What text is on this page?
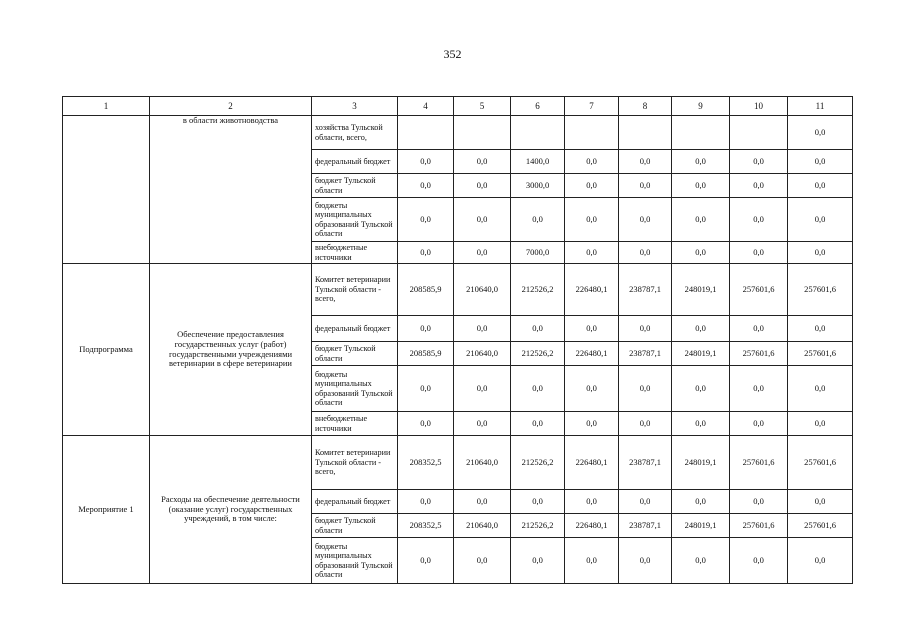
352
1	2	3	4	5	6	7	8	9	10	11
	в области животноводства	хозяйства Тульской области, всего,								0,0
		федеральный бюджет	0,0	0,0	1400,0	0,0	0,0	0,0	0,0	0,0
		бюджет Тульской области	0,0	0,0	3000,0	0,0	0,0	0,0	0,0	0,0
		бюджеты муниципальных образований Тульской области	0,0	0,0	0,0	0,0	0,0	0,0	0,0	0,0
		внебюджетные источники	0,0	0,0	7000,0	0,0	0,0	0,0	0,0	0,0
Подпрограмма	Обеспечение предоставления государственных услуг (работ) государственными учреждениями ветеринарии в сфере ветеринарии	Комитет ветеринарии Тульской области - всего,	208585,9	210640,0	212526,2	226480,1	238787,1	248019,1	257601,6	257601,6
		федеральный бюджет	0,0	0,0	0,0	0,0	0,0	0,0	0,0	0,0
		бюджет Тульской области	208585,9	210640,0	212526,2	226480,1	238787,1	248019,1	257601,6	257601,6
		бюджеты муниципальных образований Тульской области	0,0	0,0	0,0	0,0	0,0	0,0	0,0	0,0
		внебюджетные источники	0,0	0,0	0,0	0,0	0,0	0,0	0,0	0,0
Мероприятие 1	Расходы на обеспечение деятельности (оказание услуг) государственных учреждений, в том числе:	Комитет ветеринарии Тульской области - всего,	208352,5	210640,0	212526,2	226480,1	238787,1	248019,1	257601,6	257601,6
		федеральный бюджет	0,0	0,0	0,0	0,0	0,0	0,0	0,0	0,0
		бюджет Тульской области	208352,5	210640,0	212526,2	226480,1	238787,1	248019,1	257601,6	257601,6
		бюджеты муниципальных образований Тульской области	0,0	0,0	0,0	0,0	0,0	0,0	0,0	0,0
